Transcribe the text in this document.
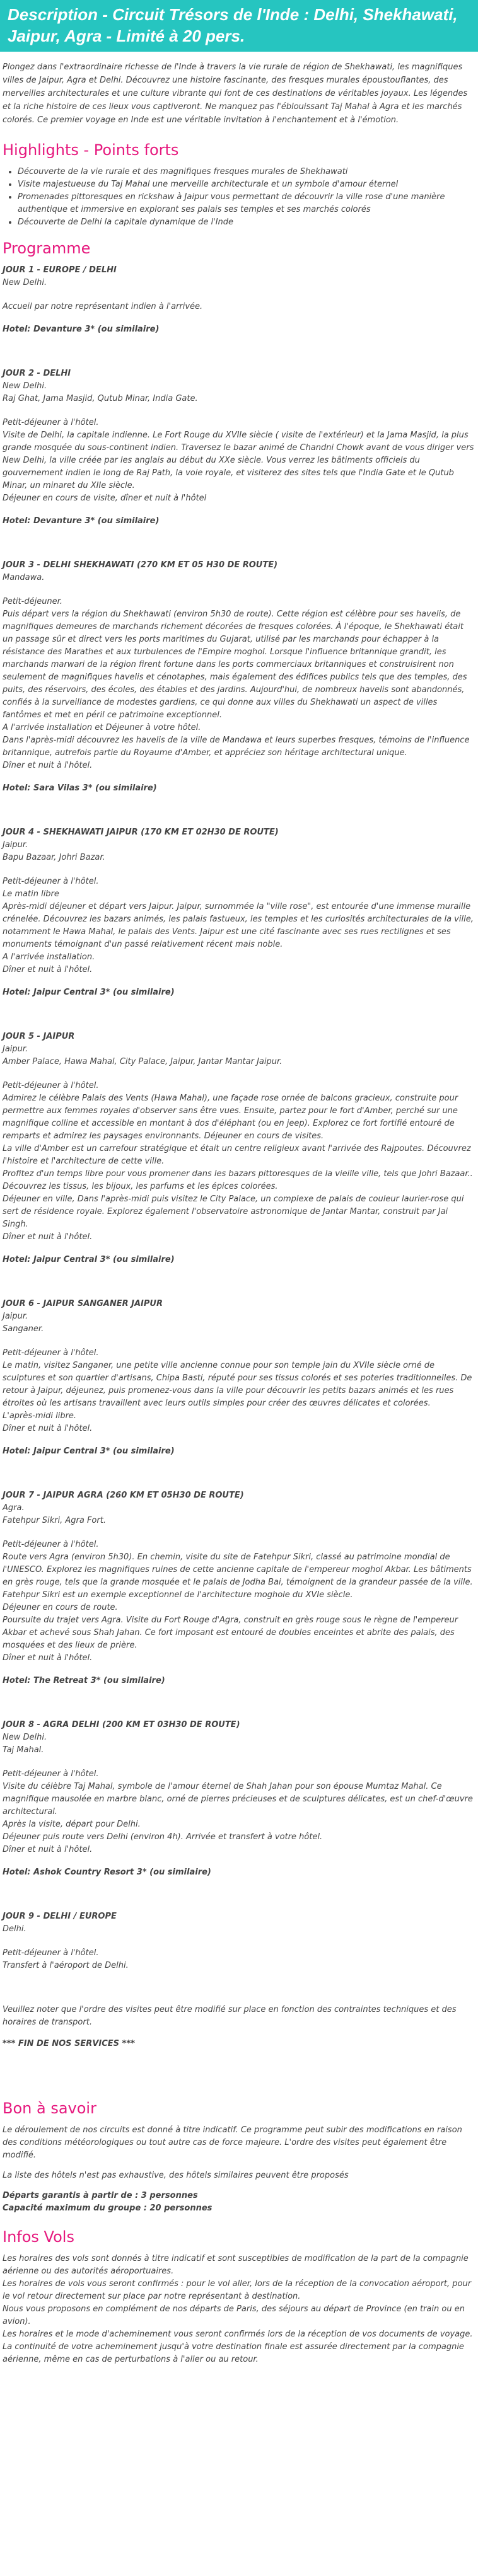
Description - Circuit Trésors de l'Inde : Delhi, Shekhawati, Jaipur, Agra - Limité à 20 pers.
Plongez dans l'extraordinaire richesse de l'Inde à travers la vie rurale de région de Shekhawati, les magnifiques villes de Jaipur, Agra et Delhi. Découvrez une histoire fascinante, des fresques murales époustouflantes, des merveilles architecturales et une culture vibrante qui font de ces destinations de véritables joyaux. Les légendes et la riche histoire de ces lieux vous captiveront. Ne manquez pas l'éblouissant Taj Mahal à Agra et les marchés colorés. Ce premier voyage en Inde est une véritable invitation à l'enchantement et à l'émotion.
Highlights - Points forts
• Découverte de la vie rurale et des magnifiques fresques murales de Shekhawati
• Visite majestueuse du Taj Mahal une merveille architecturale et un symbole d'amour éternel
• Promenades pittoresques en rickshaw à Jaipur vous permettant de découvrir la ville rose d'une manière authentique et immersive en explorant ses palais ses temples et ses marchés colorés
• Découverte de Delhi la capitale dynamique de l'Inde
Programme
JOUR 1 - EUROPE / DELHI
New Delhi.
Accueil par notre représentant indien à l'arrivée.
Hotel: Devanture 3* (ou similaire)
JOUR 2 - DELHI
New Delhi.
Raj Ghat, Jama Masjid, Qutub Minar, India Gate.
Petit-déjeuner à l'hôtel.
Visite de Delhi, la capitale indienne. Le Fort Rouge du XVIIe siècle ( visite de l'extérieur) et la Jama Masjid, la plus grande mosquée du sous-continent indien. Traversez le bazar animé de Chandni Chowk avant de vous diriger vers New Delhi, la ville créée par les anglais au début du XXe siècle. Vous verrez les bâtiments officiels du gouvernement indien le long de Raj Path, la voie royale, et visiterez des sites tels que l'India Gate et le Qutub Minar, un minaret du XIIe siècle.
Déjeuner en cours de visite, dîner et nuit à l'hôtel
Hotel: Devanture 3* (ou similaire)
JOUR 3 - DELHI SHEKHAWATI (270 KM ET 05 H30 DE ROUTE)
Mandawa.
Petit-déjeuner.
Puis départ vers la région du Shekhawati (environ 5h30 de route). Cette région est célèbre pour ses havelis, de magnifiques demeures de marchands richement décorées de fresques colorées. À l'époque, le Shekhawati était un passage sûr et direct vers les ports maritimes du Gujarat, utilisé par les marchands pour échapper à la résistance des Marathes et aux turbulences de l'Empire moghol. Lorsque l'influence britannique grandit, les marchands marwari de la région firent fortune dans les ports commerciaux britanniques et construisirent non seulement de magnifiques havelis et cénotaphes, mais également des édifices publics tels que des temples, des puits, des réservoirs, des écoles, des étables et des jardins. Aujourd'hui, de nombreux havelis sont abandonnés, confiés à la surveillance de modestes gardiens, ce qui donne aux villes du Shekhawati un aspect de villes fantômes et met en péril ce patrimoine exceptionnel.
A l'arrivée installation et Déjeuner à votre hôtel.
Dans l'après-midi découvrez les havelis de la ville de Mandawa et leurs superbes fresques, témoins de l'influence britannique, autrefois partie du Royaume d'Amber, et appréciez son héritage architectural unique.
Dîner et nuit à l'hôtel.
Hotel: Sara Vilas 3* (ou similaire)
JOUR 4 - SHEKHAWATI JAIPUR (170 KM ET 02H30 DE ROUTE)
Jaipur.
Bapu Bazaar, Johri Bazar.
Petit-déjeuner à l'hôtel.
Le matin libre
Après-midi déjeuner et départ vers Jaipur. Jaipur, surnommée la "ville rose", est entourée d'une immense muraille crénelée. Découvrez les bazars animés, les palais fastueux, les temples et les curiosités architecturales de la ville, notamment le Hawa Mahal, le palais des Vents. Jaipur est une cité fascinante avec ses rues rectilignes et ses monuments témoignant d'un passé relativement récent mais noble.
A l'arrivée installation.
Dîner et nuit à l'hôtel.
Hotel: Jaipur Central 3* (ou similaire)
JOUR 5 - JAIPUR
Jaipur.
Amber Palace, Hawa Mahal, City Palace, Jaipur, Jantar Mantar Jaipur.
Petit-déjeuner à l'hôtel.
Admirez le célèbre Palais des Vents (Hawa Mahal), une façade rose ornée de balcons gracieux, construite pour permettre aux femmes royales d'observer sans être vues. Ensuite, partez pour le fort d'Amber, perché sur une magnifique colline et accessible en montant à dos d'éléphant (ou en jeep). Explorez ce fort fortifié entouré de remparts et admirez les paysages environnants. Déjeuner en cours de visites.
La ville d'Amber est un carrefour stratégique et était un centre religieux avant l'arrivée des Rajpoutes. Découvrez l'histoire et l'architecture de cette ville.
Profitez d'un temps libre pour vous promener dans les bazars pittoresques de la vieille ville, tels que Johri Bazaar..
Découvrez les tissus, les bijoux, les parfums et les épices colorées.
Déjeuner en ville, Dans l'après-midi puis visitez le City Palace, un complexe de palais de couleur laurier-rose qui sert de résidence royale. Explorez également l'observatoire astronomique de Jantar Mantar, construit par Jai Singh.
Dîner et nuit à l'hôtel.
Hotel: Jaipur Central 3* (ou similaire)
JOUR 6 - JAIPUR SANGANER JAIPUR
Jaipur.
Sanganer.
Petit-déjeuner à l'hôtel.
Le matin, visitez Sanganer, une petite ville ancienne connue pour son temple jain du XVIIe siècle orné de sculptures et son quartier d'artisans, Chipa Basti, réputé pour ses tissus colorés et ses poteries traditionnelles. De retour à Jaipur, déjeunez, puis promenez-vous dans la ville pour découvrir les petits bazars animés et les rues étroites où les artisans travaillent avec leurs outils simples pour créer des œuvres délicates et colorées.
L'après-midi libre.
Dîner et nuit à l'hôtel.
Hotel: Jaipur Central 3* (ou similaire)
JOUR 7 - JAIPUR AGRA (260 KM ET 05H30 DE ROUTE)
Agra.
Fatehpur Sikri, Agra Fort.
Petit-déjeuner à l'hôtel.
Route vers Agra (environ 5h30). En chemin, visite du site de Fatehpur Sikri, classé au patrimoine mondial de l'UNESCO. Explorez les magnifiques ruines de cette ancienne capitale de l'empereur moghol Akbar. Les bâtiments en grès rouge, tels que la grande mosquée et le palais de Jodha Bai, témoignent de la grandeur passée de la ville. Fatehpur Sikri est un exemple exceptionnel de l'architecture moghole du XVIe siècle.
Déjeuner en cours de route.
Poursuite du trajet vers Agra. Visite du Fort Rouge d'Agra, construit en grès rouge sous le règne de l'empereur Akbar et achevé sous Shah Jahan. Ce fort imposant est entouré de doubles enceintes et abrite des palais, des mosquées et des lieux de prière.
Dîner et nuit à l'hôtel.
Hotel: The Retreat 3* (ou similaire)
JOUR 8 - AGRA DELHI (200 KM ET 03H30 DE ROUTE)
New Delhi.
Taj Mahal.
Petit-déjeuner à l'hôtel.
Visite du célèbre Taj Mahal, symbole de l'amour éternel de Shah Jahan pour son épouse Mumtaz Mahal. Ce magnifique mausolée en marbre blanc, orné de pierres précieuses et de sculptures délicates, est un chef-d'œuvre architectural.
Après la visite, départ pour Delhi.
Déjeuner puis route vers Delhi (environ 4h). Arrivée et transfert à votre hôtel.
Dîner et nuit à l'hôtel.
Hotel: Ashok Country Resort 3* (ou similaire)
JOUR 9 - DELHI / EUROPE
Delhi.
Petit-déjeuner à l'hôtel.
Transfert à l'aéroport de Delhi.
Veuillez noter que l'ordre des visites peut être modifié sur place en fonction des contraintes techniques et des horaires de transport.
*** FIN DE NOS SERVICES ***
Bon à savoir
Le déroulement de nos circuits est donné à titre indicatif. Ce programme peut subir des modifications en raison des conditions météorologiques ou tout autre cas de force majeure. L'ordre des visites peut également être modifié.
La liste des hôtels n'est pas exhaustive, des hôtels similaires peuvent être proposés
Départs garantis à partir de : 3 personnes
Capacité maximum du groupe : 20 personnes
Infos Vols
Les horaires des vols sont donnés à titre indicatif et sont susceptibles de modification de la part de la compagnie aérienne ou des autorités aéroportuaires.
Les horaires de vols vous seront confirmés : pour le vol aller, lors de la réception de la convocation aéroport, pour le vol retour directement sur place par notre représentant à destination.
Nous vous proposons en complément de nos départs de Paris, des séjours au départ de Province (en train ou en avion).
Les horaires et le mode d'acheminement vous seront confirmés lors de la réception de vos documents de voyage.
La continuité de votre acheminement jusqu'à votre destination finale est assurée directement par la compagnie aérienne, même en cas de perturbations à l'aller ou au retour.
